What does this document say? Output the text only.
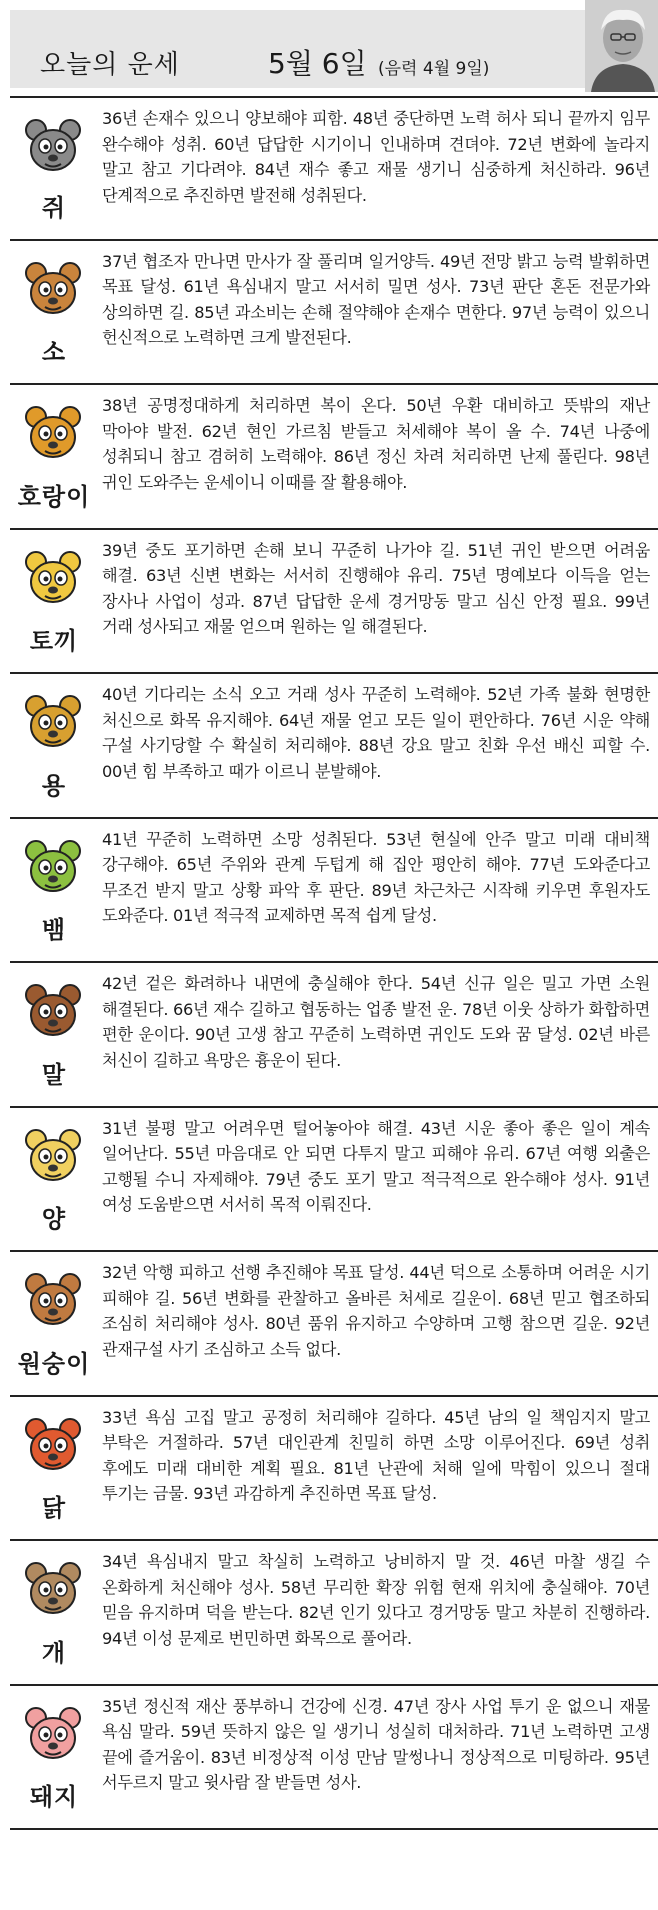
오늘의 운세	5월 6일 (음력 4월 9일)
쥐
36년 손재수 있으니 양보해야 피함. 48년 중단하면 노력 허사 되니 끝까지 임무 완수해야 성취. 60년 답답한 시기이니 인내하며 견뎌야. 72년 변화에 놀라지 말고 참고 기다려야. 84년 재수 좋고 재물 생기니 심중하게 처신하라. 96년 단계적으로 추진하면 발전해 성취된다.
소
37년 협조자 만나면 만사가 잘 풀리며 일거양득. 49년 전망 밝고 능력 발휘하면 목표 달성. 61년 욕심내지 말고 서서히 밀면 성사. 73년 판단 혼돈 전문가와 상의하면 길. 85년 과소비는 손해 절약해야 손재수 면한다. 97년 능력이 있으니 헌신적으로 노력하면 크게 발전된다.
호랑이
38년 공명정대하게 처리하면 복이 온다. 50년 우환 대비하고 뜻밖의 재난 막아야 발전. 62년 현인 가르침 받들고 처세해야 복이 올 수. 74년 나중에 성취되니 참고 겸허히 노력해야. 86년 정신 차려 처리하면 난제 풀린다. 98년 귀인 도와주는 운세이니 이때를 잘 활용해야.
토끼
39년 중도 포기하면 손해 보니 꾸준히 나가야 길. 51년 귀인 받으면 어려움 해결. 63년 신변 변화는 서서히 진행해야 유리. 75년 명예보다 이득을 얻는 장사나 사업이 성과. 87년 답답한 운세 경거망동 말고 심신 안정 필요. 99년 거래 성사되고 재물 얻으며 원하는 일 해결된다.
용
40년 기다리는 소식 오고 거래 성사 꾸준히 노력해야. 52년 가족 불화 현명한 처신으로 화목 유지해야. 64년 재물 얻고 모든 일이 편안하다. 76년 시운 약해 구설 사기당할 수 확실히 처리해야. 88년 강요 말고 친화 우선 배신 피할 수. 00년 힘 부족하고 때가 이르니 분발해야.
뱀
41년 꾸준히 노력하면 소망 성취된다. 53년 현실에 안주 말고 미래 대비책 강구해야. 65년 주위와 관계 두텁게 해 집안 평안히 해야. 77년 도와준다고 무조건 받지 말고 상황 파악 후 판단. 89년 차근차근 시작해 키우면 후원자도 도와준다. 01년 적극적 교제하면 목적 쉽게 달성.
말
42년 겉은 화려하나 내면에 충실해야 한다. 54년 신규 일은 밀고 가면 소원 해결된다. 66년 재수 길하고 협동하는 업종 발전 운. 78년 이웃 상하가 화합하면 편한 운이다. 90년 고생 참고 꾸준히 노력하면 귀인도 도와 꿈 달성. 02년 바른 처신이 길하고 욕망은 흉운이 된다.
양
31년 불평 말고 어려우면 털어놓아야 해결. 43년 시운 좋아 좋은 일이 계속 일어난다. 55년 마음대로 안 되면 다투지 말고 피해야 유리. 67년 여행 외출은 고행될 수니 자제해야. 79년 중도 포기 말고 적극적으로 완수해야 성사. 91년 여성 도움받으면 서서히 목적 이뤄진다.
원숭이
32년 악행 피하고 선행 추진해야 목표 달성. 44년 덕으로 소통하며 어려운 시기 피해야 길. 56년 변화를 관찰하고 올바른 처세로 길운이. 68년 믿고 협조하되 조심히 처리해야 성사. 80년 품위 유지하고 수양하며 고행 참으면 길운. 92년 관재구설 사기 조심하고 소득 없다.
닭
33년 욕심 고집 말고 공정히 처리해야 길하다. 45년 남의 일 책임지지 말고 부탁은 거절하라. 57년 대인관계 친밀히 하면 소망 이루어진다. 69년 성취 후에도 미래 대비한 계획 필요. 81년 난관에 처해 일에 막힘이 있으니 절대 투기는 금물. 93년 과감하게 추진하면 목표 달성.
개
34년 욕심내지 말고 착실히 노력하고 낭비하지 말 것. 46년 마찰 생길 수 온화하게 처신해야 성사. 58년 무리한 확장 위험 현재 위치에 충실해야. 70년 믿음 유지하며 덕을 받는다. 82년 인기 있다고 경거망동 말고 차분히 진행하라. 94년 이성 문제로 번민하면 화목으로 풀어라.
돼지
35년 정신적 재산 풍부하니 건강에 신경. 47년 장사 사업 투기 운 없으니 재물 욕심 말라. 59년 뜻하지 않은 일 생기니 성실히 대처하라. 71년 노력하면 고생 끝에 즐거움이. 83년 비정상적 이성 만남 말썽나니 정상적으로 미팅하라. 95년 서두르지 말고 윗사람 잘 받들면 성사.
